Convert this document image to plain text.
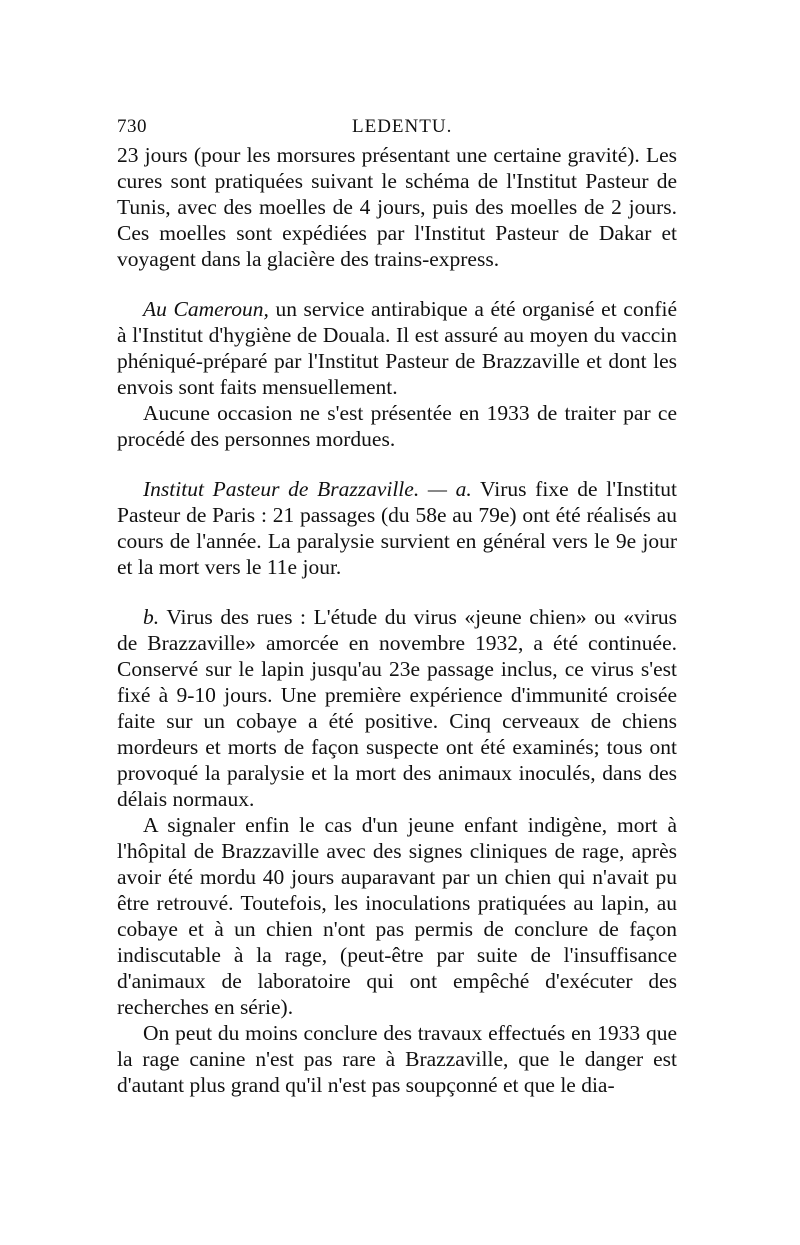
730	LEDENTU.

23 jours (pour les morsures présentant une certaine gravité). Les cures sont pratiquées suivant le schéma de l'Institut Pasteur de Tunis, avec des moelles de 4 jours, puis des moelles de 2 jours. Ces moelles sont expédiées par l'Institut Pasteur de Dakar et voyagent dans la glacière des trains-express.

Au Cameroun, un service antirabique a été organisé et confié à l'Institut d'hygiène de Douala. Il est assuré au moyen du vaccin phéniqué-préparé par l'Institut Pasteur de Brazzaville et dont les envois sont faits mensuellement.

Aucune occasion ne s'est présentée en 1933 de traiter par ce procédé des personnes mordues.

Institut Pasteur de Brazzaville. — a. Virus fixe de l'Institut Pasteur de Paris : 21 passages (du 58e au 79e) ont été réalisés au cours de l'année. La paralysie survient en général vers le 9e jour et la mort vers le 11e jour.

b. Virus des rues : L'étude du virus «jeune chien» ou «virus de Brazzaville» amorcée en novembre 1932, a été continuée. Conservé sur le lapin jusqu'au 23e passage inclus, ce virus s'est fixé à 9-10 jours. Une première expérience d'immunité croisée faite sur un cobaye a été positive. Cinq cerveaux de chiens mordeurs et morts de façon suspecte ont été examinés; tous ont provoqué la paralysie et la mort des animaux inoculés, dans des délais normaux.

A signaler enfin le cas d'un jeune enfant indigène, mort à l'hôpital de Brazzaville avec des signes cliniques de rage, après avoir été mordu 40 jours auparavant par un chien qui n'avait pu être retrouvé. Toutefois, les inoculations pratiquées au lapin, au cobaye et à un chien n'ont pas permis de conclure de façon indiscutable à la rage, (peut-être par suite de l'insuffisance d'animaux de laboratoire qui ont empêché d'exécuter des recherches en série).

On peut du moins conclure des travaux effectués en 1933 que la rage canine n'est pas rare à Brazzaville, que le danger est d'autant plus grand qu'il n'est pas soupçonné et que le dia-
